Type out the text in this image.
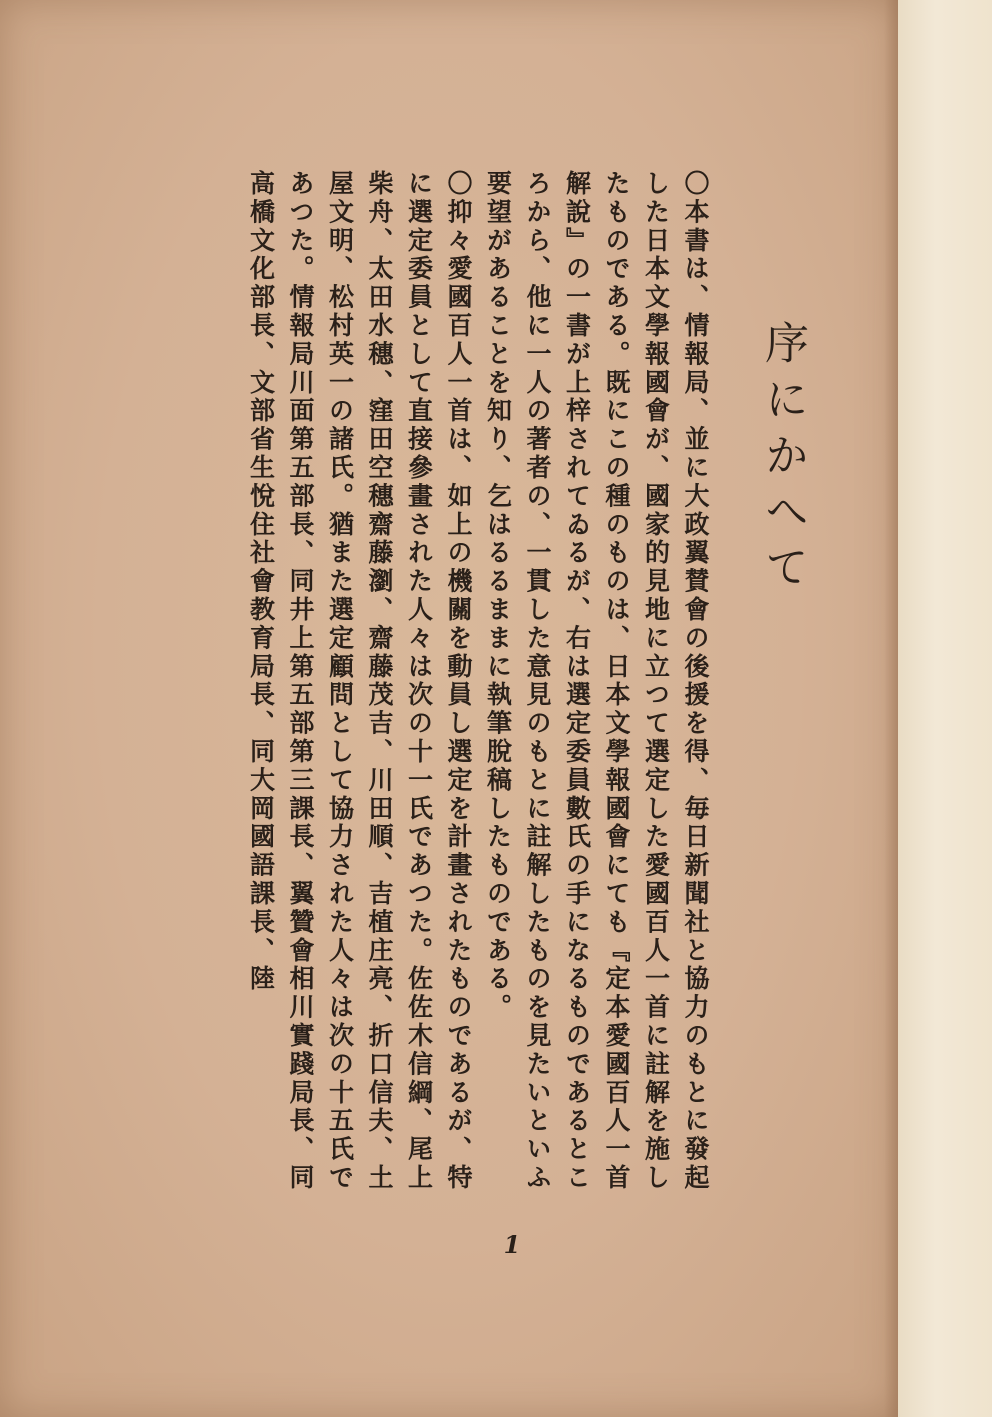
序にかへて

〇本書は、情報局、並に大政翼賛會の後援を得、毎日新聞社と協力のもとに發起した日本文學報國會が、國家的見地に立つて選定した愛國百人一首に註解を施したものである。既にこの種のものは、日本文學報國會にても『定本愛國百人一首解說』の一書が上梓されてゐるが、右は選定委員數氏の手になるものであるところから、他に一人の著者の、一貫した意見のもとに註解したものを見たいといふ要望があることを知り、乞はるるままに執筆脫稿したものである。

〇抑々愛國百人一首は、如上の機關を動員し選定を計畫されたものであるが、特に選定委員として直接參畫された人々は次の十一氏であつた。佐佐木信綱、尾上柴舟、太田水穗、窪田空穗齋藤瀏、齋藤茂吉、川田順、吉植庄亮、折口信夫、土屋文明、松村英一の諸氏。猶また選定顧問として協力された人々は次の十五氏であつた。情報局川面第五部長、同井上第五部第三課長、翼贊會相川實踐局長、同高橋文化部長、文部省生悅住社會教育局長、同大岡國語課長、陸

1
